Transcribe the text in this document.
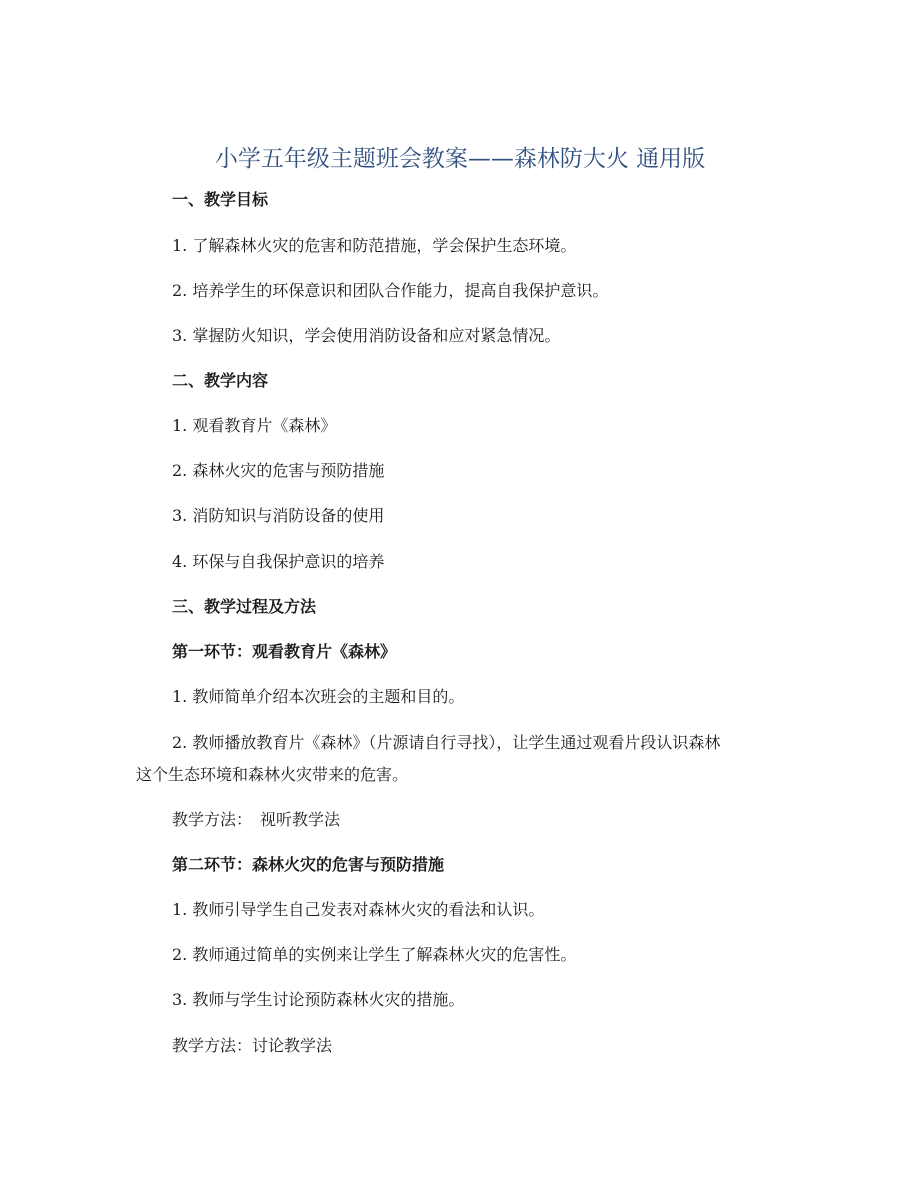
小学五年级主题班会教案——森林防大火 通用版
一、教学目标
1. 了解森林火灾的危害和防范措施，学会保护生态环境。
2. 培养学生的环保意识和团队合作能力，提高自我保护意识。
3. 掌握防火知识，学会使用消防设备和应对紧急情况。
二、教学内容
1. 观看教育片《森林》
2. 森林火灾的危害与预防措施
3. 消防知识与消防设备的使用
4. 环保与自我保护意识的培养
三、教学过程及方法
第一环节：观看教育片《森林》
1. 教师简单介绍本次班会的主题和目的。
2. 教师播放教育片《森林》（片源请自行寻找），让学生通过观看片段认识森林
这个生态环境和森林火灾带来的危害。
教学方法：　视听教学法
第二环节：森林火灾的危害与预防措施
1. 教师引导学生自己发表对森林火灾的看法和认识。
2. 教师通过简单的实例来让学生了解森林火灾的危害性。
3. 教师与学生讨论预防森林火灾的措施。
教学方法：讨论教学法
